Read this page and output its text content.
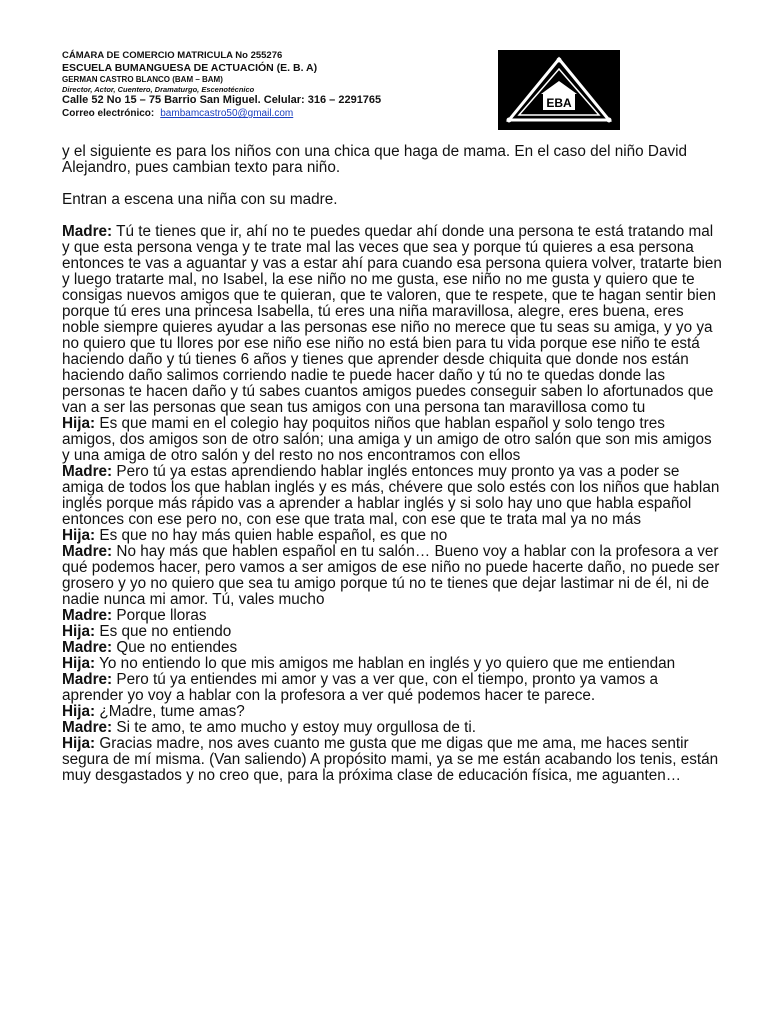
CÁMARA DE COMERCIO MATRICULA No 255276
ESCUELA BUMANGUESA DE ACTUACIÓN (E. B. A)
GERMAN CASTRO BLANCO (BAM – BAM)
Director, Actor, Cuentero, Dramaturgo, Escenotécnico
Calle 52 No 15 – 75 Barrio San Miguel. Celular: 316 – 2291765
Correo electrónico: bambamcastro50@gmail.com
EBA

y el siguiente es para los niños con una chica que haga de mama. En el caso del niño David Alejandro, pues cambian texto para niño.

Entran a escena una niña con su madre.

Madre: Tú te tienes que ir, ahí no te puedes quedar ahí donde una persona te está tratando mal y que esta persona venga y te trate mal las veces que sea y porque tú quieres a esa persona entonces te vas a aguantar y vas a estar ahí para cuando esa persona quiera volver, tratarte bien y luego tratarte mal, no Isabel, la ese niño no me gusta, ese niño no me gusta y quiero que te consigas nuevos amigos que te quieran, que te valoren, que te respete, que te hagan sentir bien porque tú eres una princesa Isabella, tú eres una niña maravillosa, alegre, eres buena, eres noble siempre quieres ayudar a las personas ese niño no merece que tu seas su amiga, y yo ya no quiero que tu llores por ese niño ese niño no está bien para tu vida porque ese niño te está haciendo daño y tú tienes 6 años y tienes que aprender desde chiquita que donde nos están haciendo daño salimos corriendo nadie te puede hacer daño y tú no te quedas donde las personas te hacen daño y tú sabes cuantos amigos puedes conseguir saben lo afortunados que van a ser las personas que sean tus amigos con una persona tan maravillosa como tu

Hija: Es que mami en el colegio hay poquitos niños que hablan español y solo tengo tres amigos, dos amigos son de otro salón; una amiga y un amigo de otro salón que son mis amigos y una amiga de otro salón y del resto no nos encontramos con ellos

Madre: Pero tú ya estas aprendiendo hablar inglés entonces muy pronto ya vas a poder se amiga de todos los que hablan inglés y es más, chévere que solo estés con los niños que hablan inglés porque más rápido vas a aprender a hablar inglés y si solo hay uno que habla español entonces con ese pero no, con ese que trata mal, con ese que te trata mal ya no más

Hija: Es que no hay más quien hable español, es que no

Madre: No hay más que hablen español en tu salón… Bueno voy a hablar con la profesora a ver qué podemos hacer, pero vamos a ser amigos de ese niño no puede hacerte daño, no puede ser grosero y yo no quiero que sea tu amigo porque tú no te tienes que dejar lastimar ni de él, ni de nadie nunca mi amor. Tú, vales mucho

Madre: Porque lloras

Hija: Es que no entiendo

Madre: Que no entiendes

Hija: Yo no entiendo lo que mis amigos me hablan en inglés y yo quiero que me entiendan

Madre: Pero tú ya entiendes mi amor y vas a ver que, con el tiempo, pronto ya vamos a aprender yo voy a hablar con la profesora a ver qué podemos hacer te parece.

Hija: ¿Madre, tume amas?

Madre: Si te amo, te amo mucho y estoy muy orgullosa de ti.

Hija: Gracias madre, nos aves cuanto me gusta que me digas que me ama, me haces sentir segura de mí misma. (Van saliendo) A propósito mami, ya se me están acabando los tenis, están muy desgastados y no creo que, para la próxima clase de educación física, me aguanten…
